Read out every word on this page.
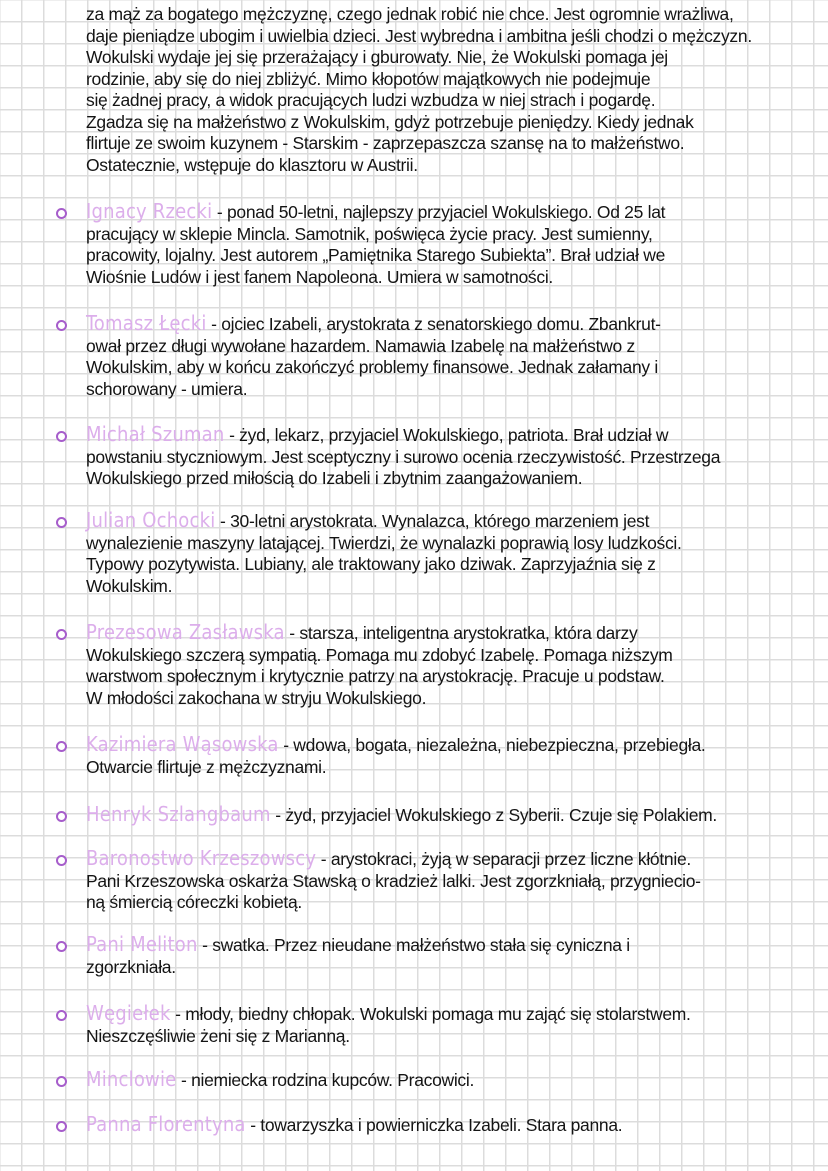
za mąż za bogatego mężczyznę, czego jednak robić nie chce. Jest ogromnie wrażliwa,
daje pieniądze ubogim i uwielbia dzieci. Jest wybredna i ambitna jeśli chodzi o mężczyzn.
Wokulski wydaje jej się przerażający i gburowaty. Nie, że Wokulski pomaga jej
rodzinie, aby się do niej zbliżyć. Mimo kłopotów majątkowych nie podejmuje
się żadnej pracy, a widok pracujących ludzi wzbudza w niej strach i pogardę.
Zgadza się na małżeństwo z Wokulskim, gdyż potrzebuje pieniędzy. Kiedy jednak
flirtuje ze swoim kuzynem - Starskim - zaprzepaszcza szansę na to małżeństwo.
Ostatecznie, wstępuje do klasztoru w Austrii.
Ignacy Rzecki - ponad 50-letni, najlepszy przyjaciel Wokulskiego. Od 25 lat
pracujący w sklepie Mincla. Samotnik, poświęca życie pracy. Jest sumienny,
pracowity, lojalny. Jest autorem „Pamiętnika Starego Subiekta”. Brał udział we
Wiośnie Ludów i jest fanem Napoleona. Umiera w samotności.
Tomasz Łęcki - ojciec Izabeli, arystokrata z senatorskiego domu. Zbankrut-
ował przez długi wywołane hazardem. Namawia Izabelę na małżeństwo z
Wokulskim, aby w końcu zakończyć problemy finansowe. Jednak załamany i
schorowany - umiera.
Michał Szuman - żyd, lekarz, przyjaciel Wokulskiego, patriota. Brał udział w
powstaniu styczniowym. Jest sceptyczny i surowo ocenia rzeczywistość. Przestrzega
Wokulskiego przed miłością do Izabeli i zbytnim zaangażowaniem.
Julian Ochocki - 30-letni arystokrata. Wynalazca, którego marzeniem jest
wynalezienie maszyny latającej. Twierdzi, że wynalazki poprawią losy ludzkości.
Typowy pozytywista. Lubiany, ale traktowany jako dziwak. Zaprzyjaźnia się z
Wokulskim.
Prezesowa Zasławska - starsza, inteligentna arystokratka, która darzy
Wokulskiego szczerą sympatią. Pomaga mu zdobyć Izabelę. Pomaga niższym
warstwom społecznym i krytycznie patrzy na arystokrację. Pracuje u podstaw.
W młodości zakochana w stryju Wokulskiego.
Kazimiera Wąsowska - wdowa, bogata, niezależna, niebezpieczna, przebiegła.
Otwarcie flirtuje z mężczyznami.
Henryk Szlangbaum - żyd, przyjaciel Wokulskiego z Syberii. Czuje się Polakiem.
Baronostwo Krzeszowscy - arystokraci, żyją w separacji przez liczne kłótnie.
Pani Krzeszowska oskarża Stawską o kradzież lalki. Jest zgorzkniałą, przygniecio-
ną śmiercią córeczki kobietą.
Pani Meliton - swatka. Przez nieudane małżeństwo stała się cyniczna i
zgorzkniała.
Węgiełek - młody, biedny chłopak. Wokulski pomaga mu zająć się stolarstwem.
Nieszczęśliwie żeni się z Marianną.
Minclowie - niemiecka rodzina kupców. Pracowici.
Panna Florentyna - towarzyszka i powierniczka Izabeli. Stara panna.
